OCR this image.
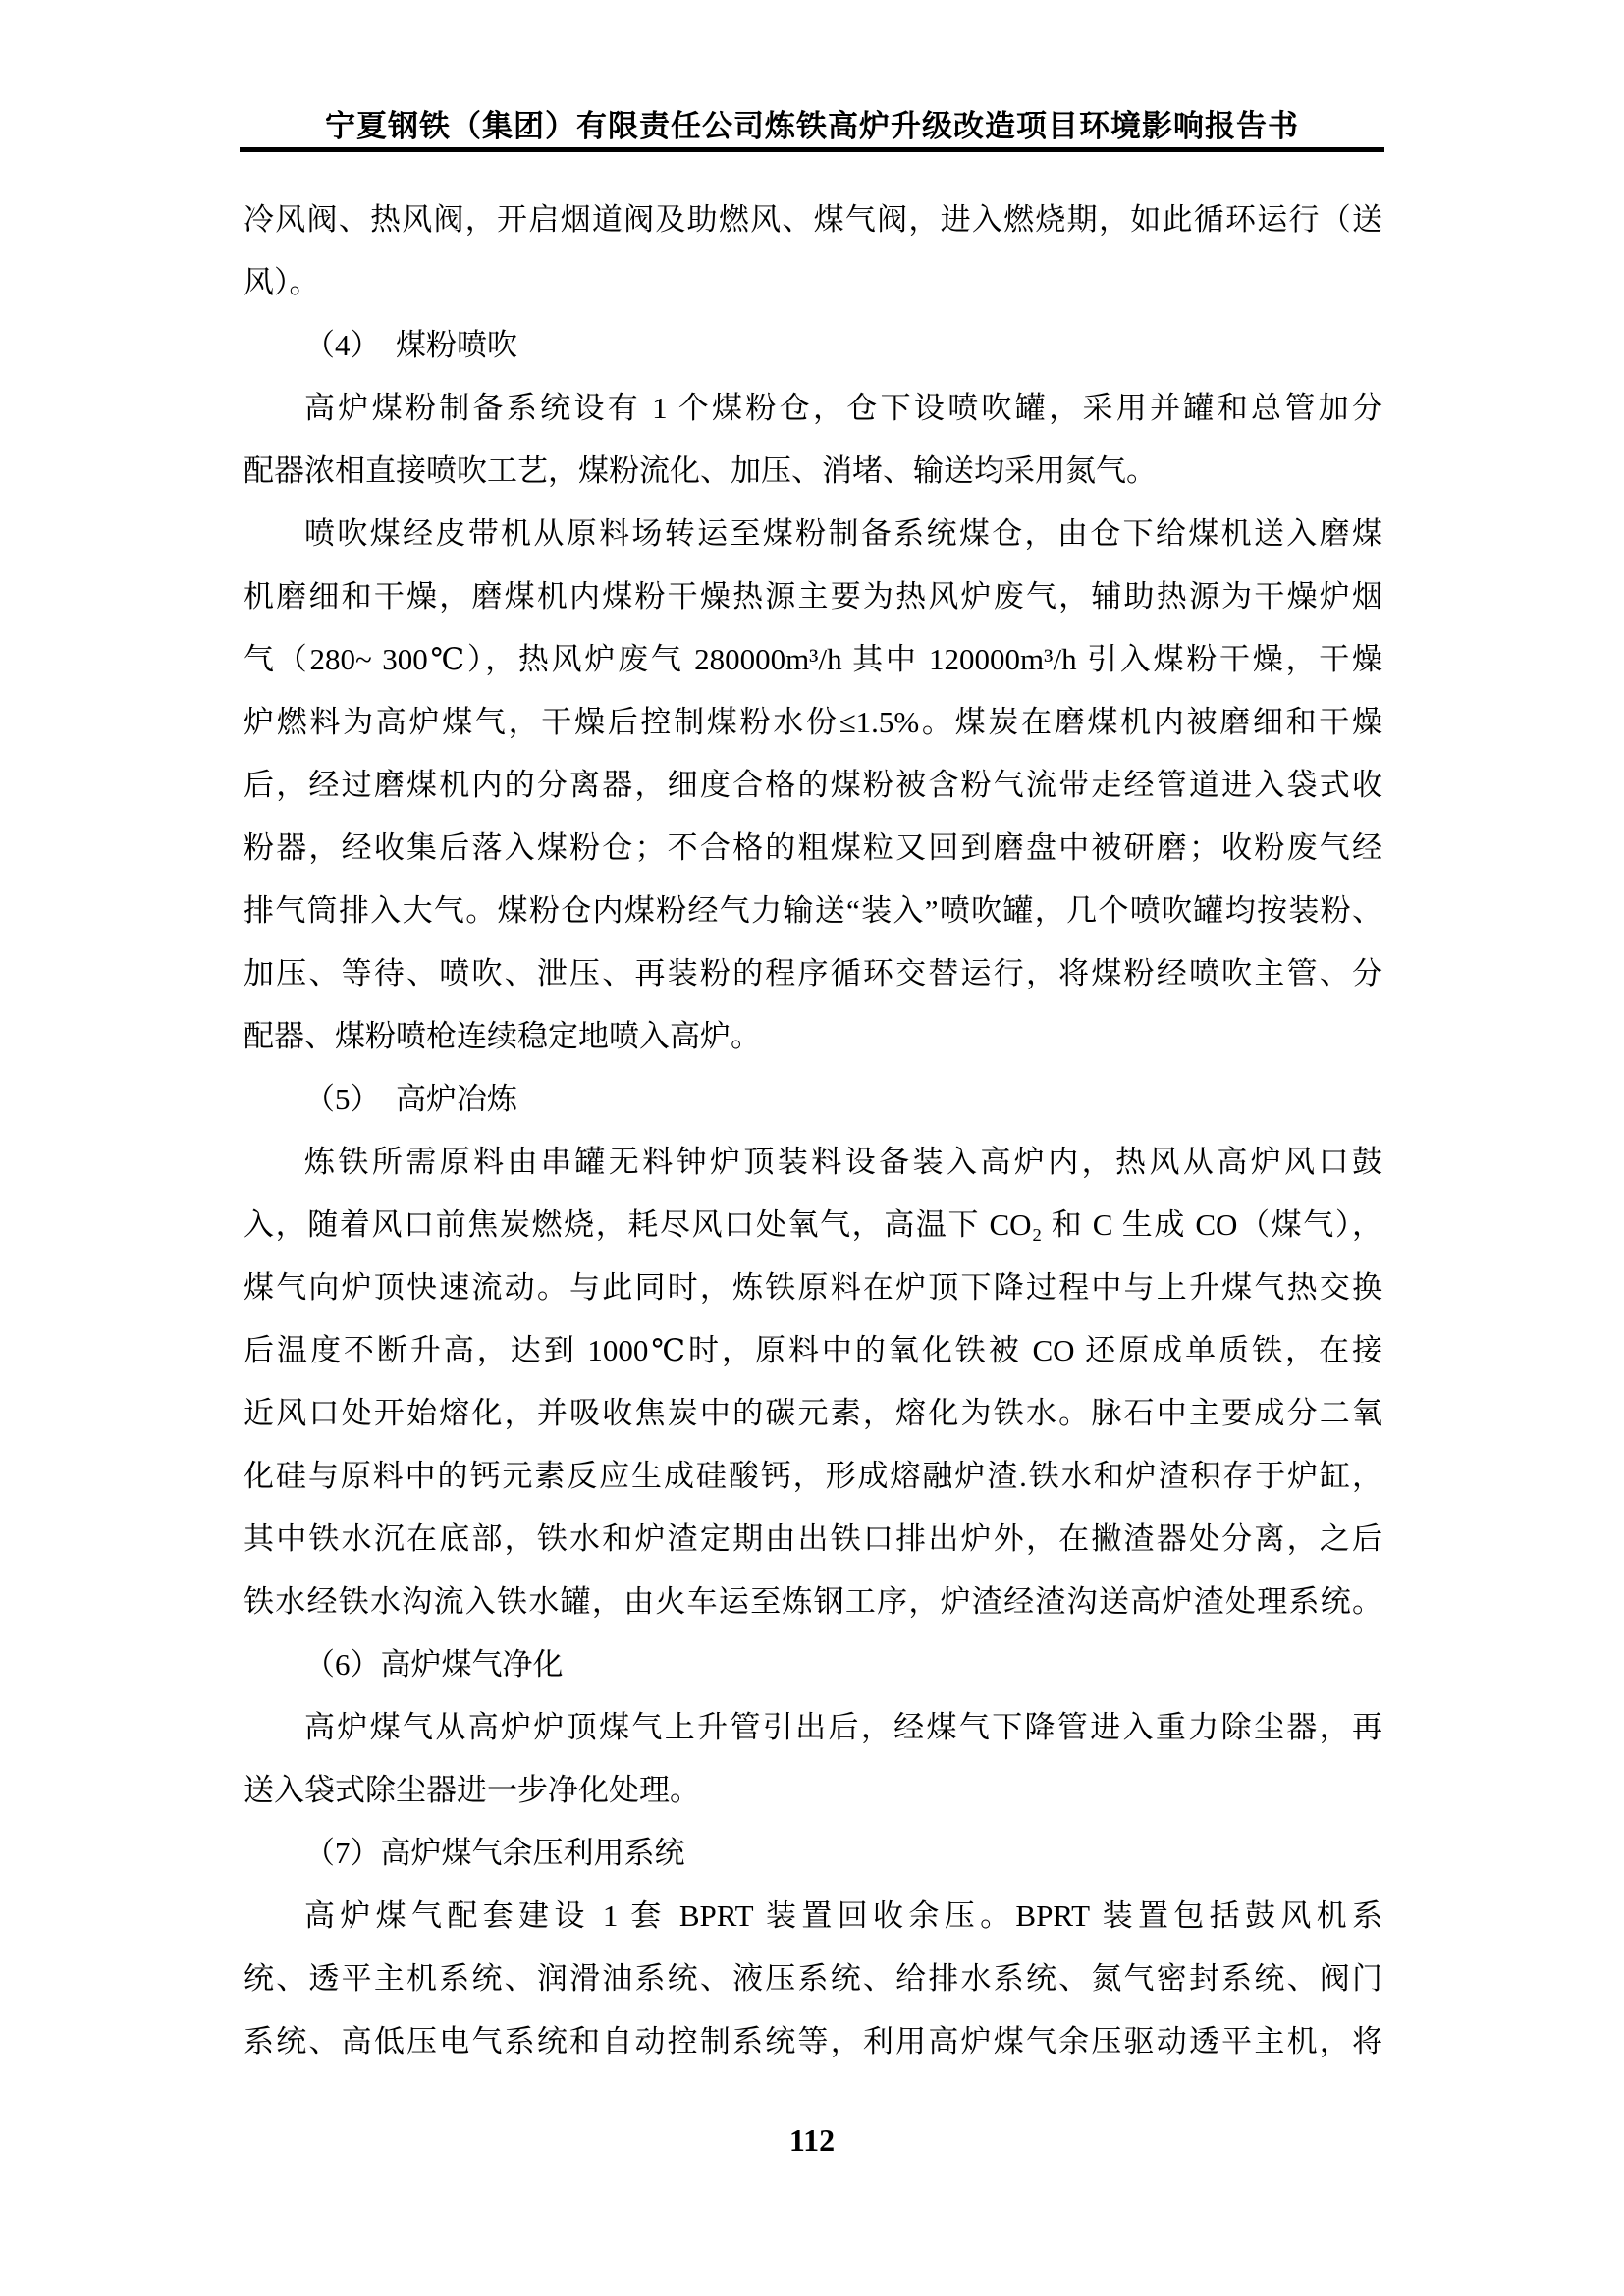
宁夏钢铁（集团）有限责任公司炼铁高炉升级改造项目环境影响报告书
冷风阀、热风阀，开启烟道阀及助燃风、煤气阀，进入燃烧期，如此循环运行（送
风）。
（4）　煤粉喷吹
高炉煤粉制备系统设有 1 个煤粉仓，仓下设喷吹罐，采用并罐和总管加分
配器浓相直接喷吹工艺，煤粉流化、加压、消堵、输送均采用氮气。
喷吹煤经皮带机从原料场转运至煤粉制备系统煤仓，由仓下给煤机送入磨煤
机磨细和干燥，磨煤机内煤粉干燥热源主要为热风炉废气，辅助热源为干燥炉烟
气（280~ 300℃），热风炉废气 280000m³/h 其中 120000m³/h 引入煤粉干燥，干燥
炉燃料为高炉煤气，干燥后控制煤粉水份≤1.5%。煤炭在磨煤机内被磨细和干燥
后，经过磨煤机内的分离器，细度合格的煤粉被含粉气流带走经管道进入袋式收
粉器，经收集后落入煤粉仓；不合格的粗煤粒又回到磨盘中被研磨；收粉废气经
排气筒排入大气。煤粉仓内煤粉经气力输送“装入”喷吹罐，几个喷吹罐均按装粉、
加压、等待、喷吹、泄压、再装粉的程序循环交替运行，将煤粉经喷吹主管、分
配器、煤粉喷枪连续稳定地喷入高炉。
（5）　高炉冶炼
炼铁所需原料由串罐无料钟炉顶装料设备装入高炉内，热风从高炉风口鼓
入，随着风口前焦炭燃烧，耗尽风口处氧气，高温下 CO₂ 和 C 生成 CO（煤气），
煤气向炉顶快速流动。与此同时，炼铁原料在炉顶下降过程中与上升煤气热交换
后温度不断升高，达到 1000℃时，原料中的氧化铁被 CO 还原成单质铁，在接
近风口处开始熔化，并吸收焦炭中的碳元素，熔化为铁水。脉石中主要成分二氧
化硅与原料中的钙元素反应生成硅酸钙，形成熔融炉渣.铁水和炉渣积存于炉缸，
其中铁水沉在底部，铁水和炉渣定期由出铁口排出炉外，在撇渣器处分离，之后
铁水经铁水沟流入铁水罐，由火车运至炼钢工序，炉渣经渣沟送高炉渣处理系统。
（6）高炉煤气净化
高炉煤气从高炉炉顶煤气上升管引出后，经煤气下降管进入重力除尘器，再
送入袋式除尘器进一步净化处理。
（7）高炉煤气余压利用系统
高炉煤气配套建设 1 套 BPRT 装置回收余压。BPRT 装置包括鼓风机系
统、透平主机系统、润滑油系统、液压系统、给排水系统、氮气密封系统、阀门
系统、高低压电气系统和自动控制系统等，利用高炉煤气余压驱动透平主机，将
112
